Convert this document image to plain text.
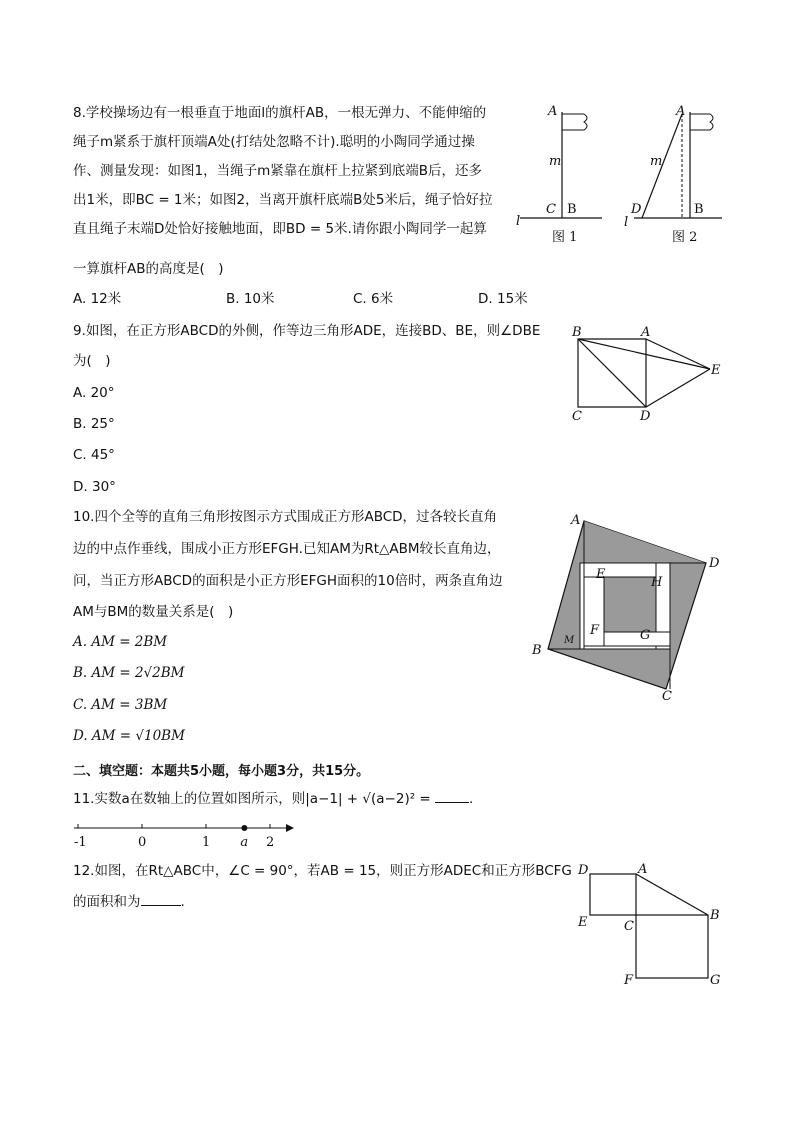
8.学校操场边有一根垂直于地面l的旗杆AB，一根无弹力、不能伸缩的
绳子m紧系于旗杆顶端A处(打结处忽略不计).聪明的小陶同学通过操
作、测量发现：如图1，当绳子m紧靠在旗杆上拉紧到底端B后，还多
出1米，即BC = 1米；如图2，当离开旗杆底端B处5米后，绳子恰好拉
直且绳子末端D处恰好接触地面，即BD = 5米.请你跟小陶同学一起算
一算旗杆AB的高度是(　)
A. 12米	B. 10米	C. 6米	D. 15米
A
m
C B
l
图 1
A
m
D	B
l
图 2
9.如图，在正方形ABCD的外侧，作等边三角形ADE，连接BD、BE，则∠DBE
为(　)
A. 20°
B. 25°
C. 45°
D. 30°
B	A
E
C	D
10.四个全等的直角三角形按图示方式围成正方形ABCD，过各较长直角
边的中点作垂线，围成小正方形EFGH.已知AM为Rt△ABM较长直角边，
问，当正方形ABCD的面积是小正方形EFGH面积的10倍时，两条直角边
AM与BM的数量关系是(　)
A. AM = 2BM
B. AM = 2√2BM
C. AM = 3BM
D. AM = √10BM
A
D
E
H
F	G
M
B
C
二、填空题：本题共5小题，每小题3分，共15分。
11.实数a在数轴上的位置如图所示，则|a−1| + √(a−2)² =	.
-1	0	1	2
a
12.如图，在Rt△ABC中，∠C = 90°，若AB = 15，则正方形ADEC和正方形BCFG
的面积和为	.
D	A
B
E	C
F	G
